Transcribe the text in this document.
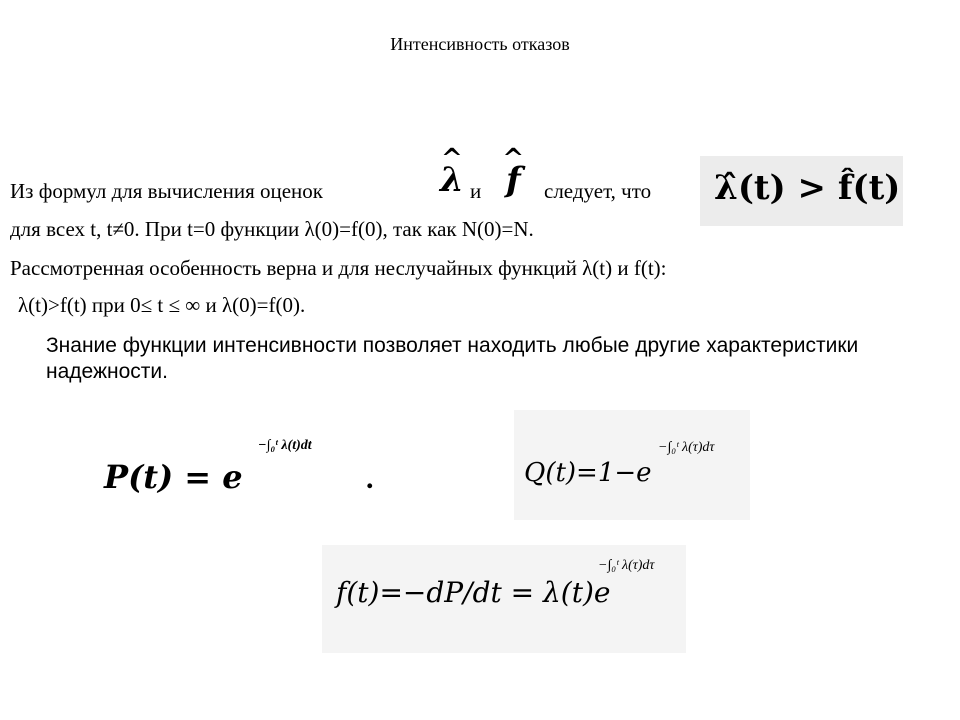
Интенсивность отказов
Из формул для вычисления оценок	и	следует, что
^ λ
^ f	λ̂(t) > f̂(t)
для всех t, t≠0. При t=0 функции λ(0)=f(0), так как N(0)=N.
Рассмотренная особенность верна и для неслучайных функций λ(t) и f(t):
λ(t)>f(t) при 0≤ t ≤ ∞ и λ(0)=f(0).
Знание функции интенсивности позволяет находить любые другие характеристики надежности.
P(t) = e
−∫₀ᵗ λ(t)dt
.	Q(t)=1−e
−∫₀ᵗ λ(τ)dτ
f(t)=−dP/dt = λ(t)e
−∫₀ᵗ λ(τ)dτ
